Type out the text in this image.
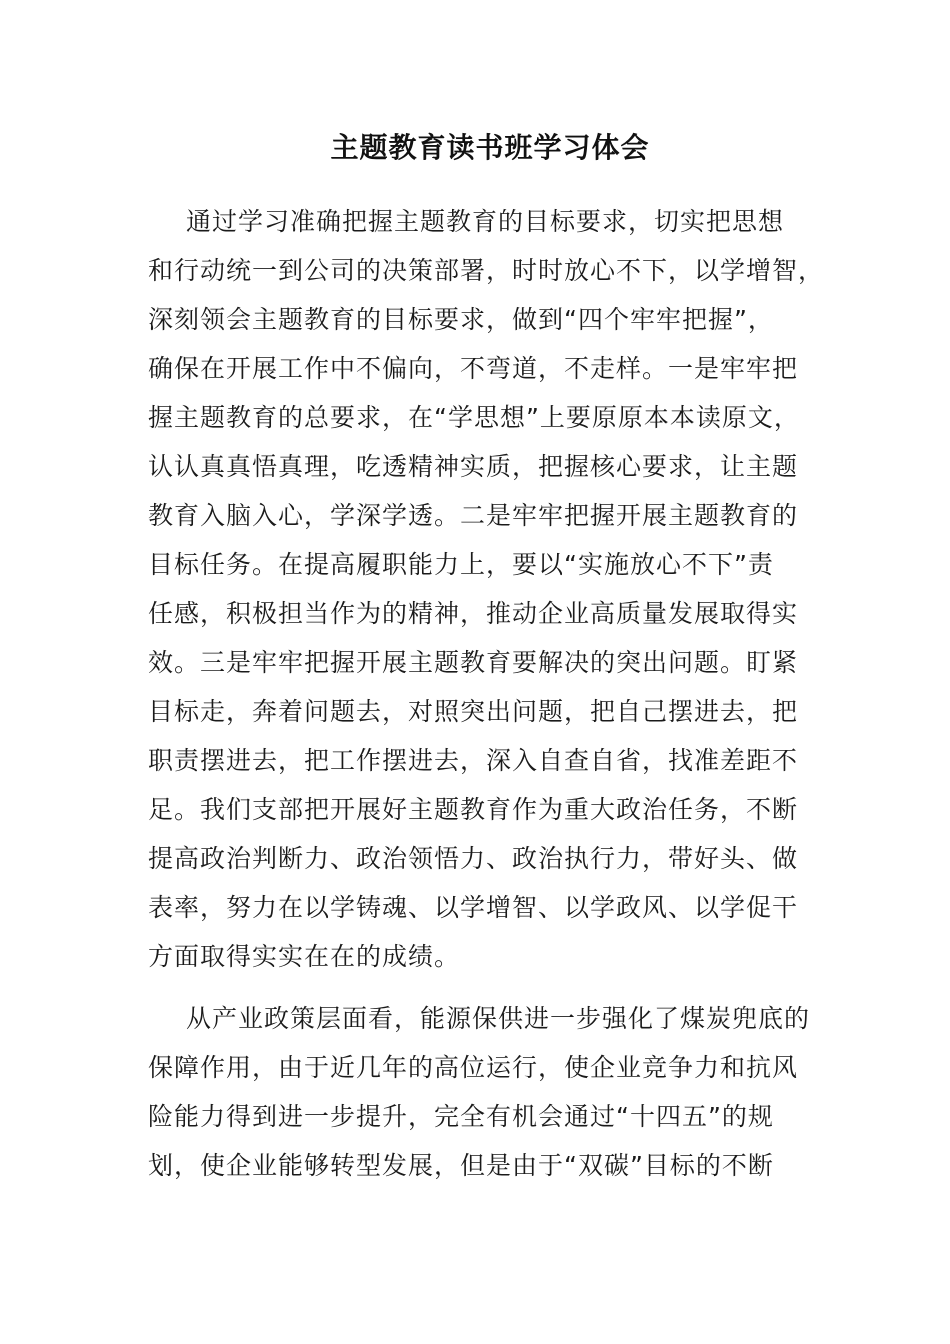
主题教育读书班学习体会
通过学习准确把握主题教育的目标要求，切实把思想
和行动统一到公司的决策部署，时时放心不下，以学增智，
深刻领会主题教育的目标要求，做到“四个牢牢把握”，
确保在开展工作中不偏向，不弯道，不走样。一是牢牢把
握主题教育的总要求，在“学思想”上要原原本本读原文，
认认真真悟真理，吃透精神实质，把握核心要求，让主题
教育入脑入心，学深学透。二是牢牢把握开展主题教育的
目标任务。在提高履职能力上，要以“实施放心不下”责
任感，积极担当作为的精神，推动企业高质量发展取得实
效。三是牢牢把握开展主题教育要解决的突出问题。盯紧
目标走，奔着问题去，对照突出问题，把自己摆进去，把
职责摆进去，把工作摆进去，深入自查自省，找准差距不
足。我们支部把开展好主题教育作为重大政治任务，不断
提高政治判断力、政治领悟力、政治执行力，带好头、做
表率，努力在以学铸魂、以学增智、以学政风、以学促干
方面取得实实在在的成绩。
从产业政策层面看，能源保供进一步强化了煤炭兜底的
保障作用，由于近几年的高位运行，使企业竞争力和抗风
险能力得到进一步提升，完全有机会通过“十四五”的规
划，使企业能够转型发展，但是由于“双碳”目标的不断
